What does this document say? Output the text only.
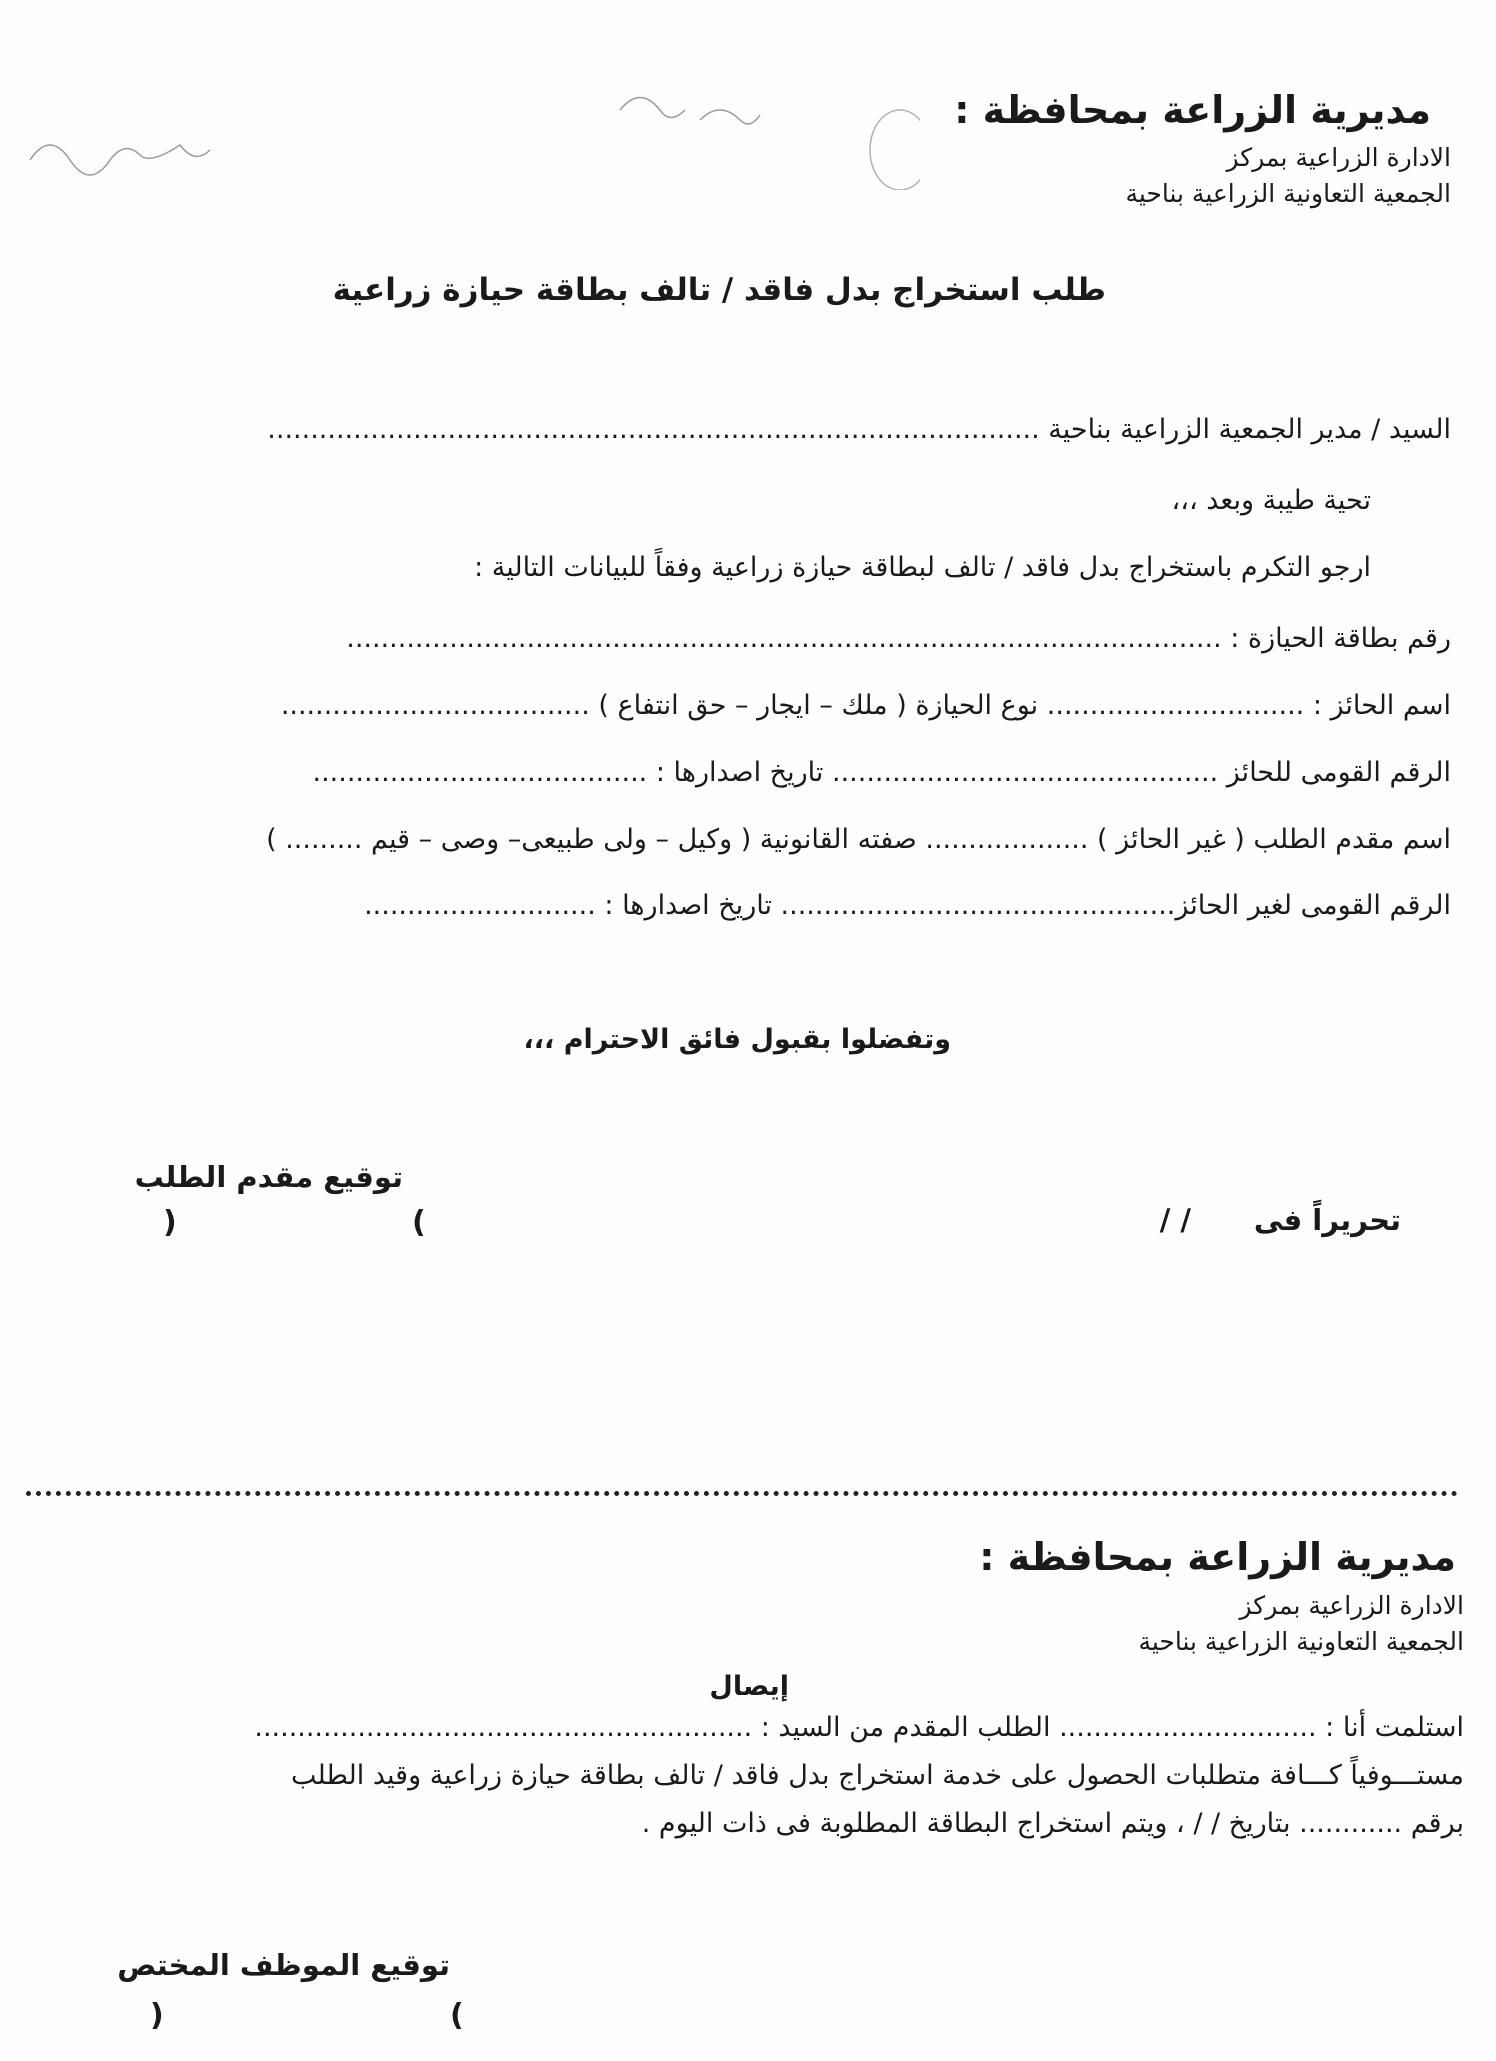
مديرية الزراعة بمحافظة :
الادارة الزراعية بمركز
الجمعية التعاونية الزراعية بناحية
طلب استخراج بدل فاقد / تالف بطاقة حيازة زراعية
السيد / مدير الجمعية الزراعية بناحية ..........................................................................................
تحية طيبة وبعد ،،،
ارجو التكرم باستخراج بدل فاقد / تالف لبطاقة حيازة زراعية وفقاً للبيانات التالية :
رقم بطاقة الحيازة : ......................................................................................................
اسم الحائز : .............................. نوع الحيازة ( ملك – ايجار – حق انتفاع ) ....................................
الرقم القومى للحائز ............................................. تاريخ اصدارها : .......................................
اسم مقدم الطلب ( غير الحائز ) ................... صفته القانونية ( وكيل – ولى طبيعى– وصى – قيم ......... )
الرقم القومى لغير الحائز.............................................. تاريخ اصدارها : ...........................
وتفضلوا بقبول فائق الاحترام ،،،
توقيع مقدم الطلب
(
)	تحريراً فى
/ /
مديرية الزراعة بمحافظة :
الادارة الزراعية بمركز
الجمعية التعاونية الزراعية بناحية
إيصال
استلمت أنا : .............................. الطلب المقدم من السيد : ..........................................................
مستـــوفياً كـــافة متطلبات الحصول على خدمة استخراج بدل فاقد / تالف بطاقة حيازة زراعية وقيد الطلب
برقم ............ بتاريخ / / ، ويتم استخراج البطاقة المطلوبة فى ذات اليوم .
توقيع الموظف المختص
(
)
